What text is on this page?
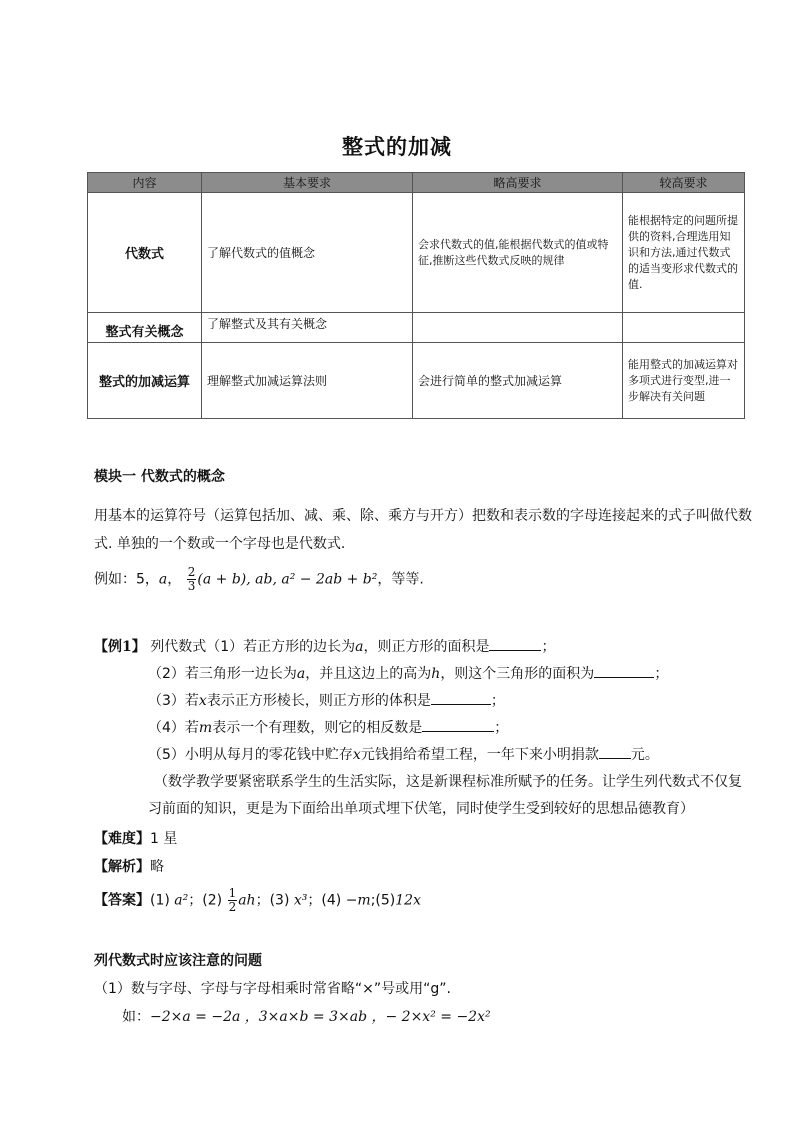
整式的加减
内容	基本要求	略高要求	较高要求
代数式	了解代数式的值概念	会求代数式的值,能根据代数式的值或特征,推断这些代数式反映的规律	能根据特定的问题所提供的资料,合理选用知识和方法,通过代数式的适当变形求代数式的值.
整式有关概念	了解整式及其有关概念		
整式的加减运算	理解整式加减运算法则	会进行简单的整式加减运算	能用整式的加减运算对多项式进行变型,进一步解决有关问题
模块一 代数式的概念
用基本的运算符号（运算包括加、减、乘、除、乘方与开方）把数和表示数的字母连接起来的式子叫做代数
式. 单独的一个数或一个字母也是代数式.
例如：5，a， $\frac{2}{3} (a + b)$, ab, a² − 2ab + b²，等等.
【例1】 列代数式（1）若正方形的边长为a，则正方形的面积是	；
（2）若三角形一边长为a，并且这边上的高为h，则这个三角形的面积为	；
（3）若x表示正方形棱长，则正方形的体积是	；
（4）若m表示一个有理数，则它的相反数是	；
（5）小明从每月的零花钱中贮存x元钱捐给希望工程，一年下来小明捐款 元。
（数学教学要紧密联系学生的生活实际，这是新课程标准所赋予的任务。让学生列代数式不仅复
习前面的知识，更是为下面给出单项式埋下伏笔，同时使学生受到较好的思想品德教育）
【难度】1 星
【解析】略
【答案】(1) a²；$(2) \frac{1}{2}$ ah；(3) x³；(4) −m;(5)12x
列代数式时应该注意的问题
（1）数与字母、字母与字母相乘时常省略“×”号或用“g”.
如：−2×a = −2a ，3×a×b = 3×ab ，− 2×x² = −2x²
